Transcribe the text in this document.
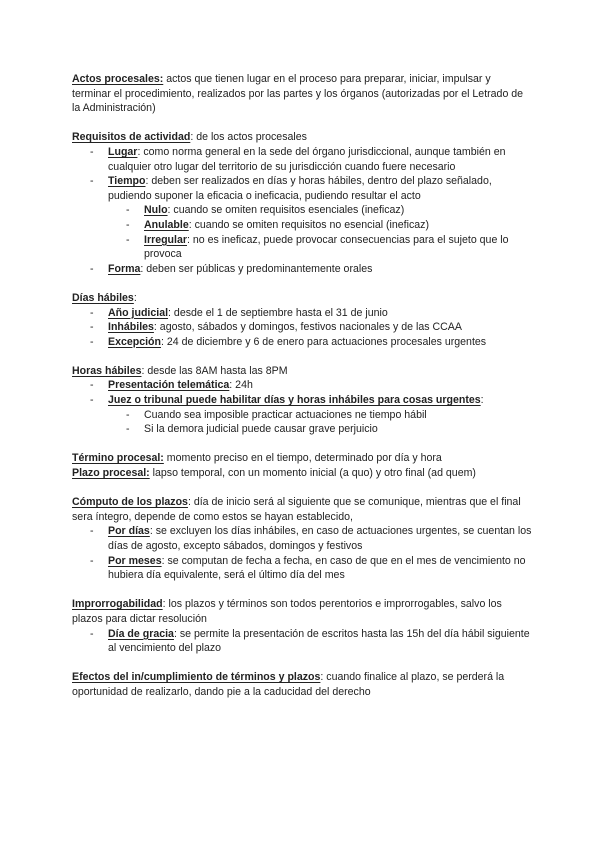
Actos procesales: actos que tienen lugar en el proceso para preparar, iniciar, impulsar y terminar el procedimiento, realizados por las partes y los órganos (autorizadas por el Letrado de la Administración)

Requisitos de actividad: de los actos procesales

- Lugar: como norma general en la sede del órgano jurisdiccional, aunque también en cualquier otro lugar del territorio de su jurisdicción cuando fuere necesario
- Tiempo: deben ser realizados en días y horas hábiles, dentro del plazo señalado, pudiendo suponer la eficacia o ineficacia, pudiendo resultar el acto
- Nulo: cuando se omiten requisitos esenciales (ineficaz)
- Anulable: cuando se omiten requisitos no esencial (ineficaz)
- Irregular: no es ineficaz, puede provocar consecuencias para el sujeto que lo provoca
- Forma: deben ser públicas y predominantemente orales

Días hábiles:

- Año judicial: desde el 1 de septiembre hasta el 31 de junio
- Inhábiles: agosto, sábados y domingos, festivos nacionales y de las CCAA
- Excepción: 24 de diciembre y 6 de enero para actuaciones procesales urgentes

Horas hábiles: desde las 8AM hasta las 8PM

- Presentación telemática: 24h
- Juez o tribunal puede habilitar días y horas inhábiles para cosas urgentes:
- Cuando sea imposible practicar actuaciones ne tiempo hábil
- Si la demora judicial puede causar grave perjuicio

Término procesal: momento preciso en el tiempo, determinado por día y hora

Plazo procesal: lapso temporal, con un momento inicial (a quo) y otro final (ad quem)

Cómputo de los plazos: día de inicio será al siguiente que se comunique, mientras que el final sera íntegro, depende de como estos se hayan establecido,

- Por días: se excluyen los días inhábiles, en caso de actuaciones urgentes, se cuentan los días de agosto, excepto sábados, domingos y festivos
- Por meses: se computan de fecha a fecha, en caso de que en el mes de vencimiento no hubiera día equivalente, será el último día del mes

Improrrogabilidad: los plazos y términos son todos perentorios e improrrogables, salvo los plazos para dictar resolución

- Día de gracia: se permite la presentación de escritos hasta las 15h del día hábil siguiente al vencimiento del plazo

Efectos del in/cumplimiento de términos y plazos: cuando finalice al plazo, se perderá la oportunidad de realizarlo, dando pie a la caducidad del derecho
